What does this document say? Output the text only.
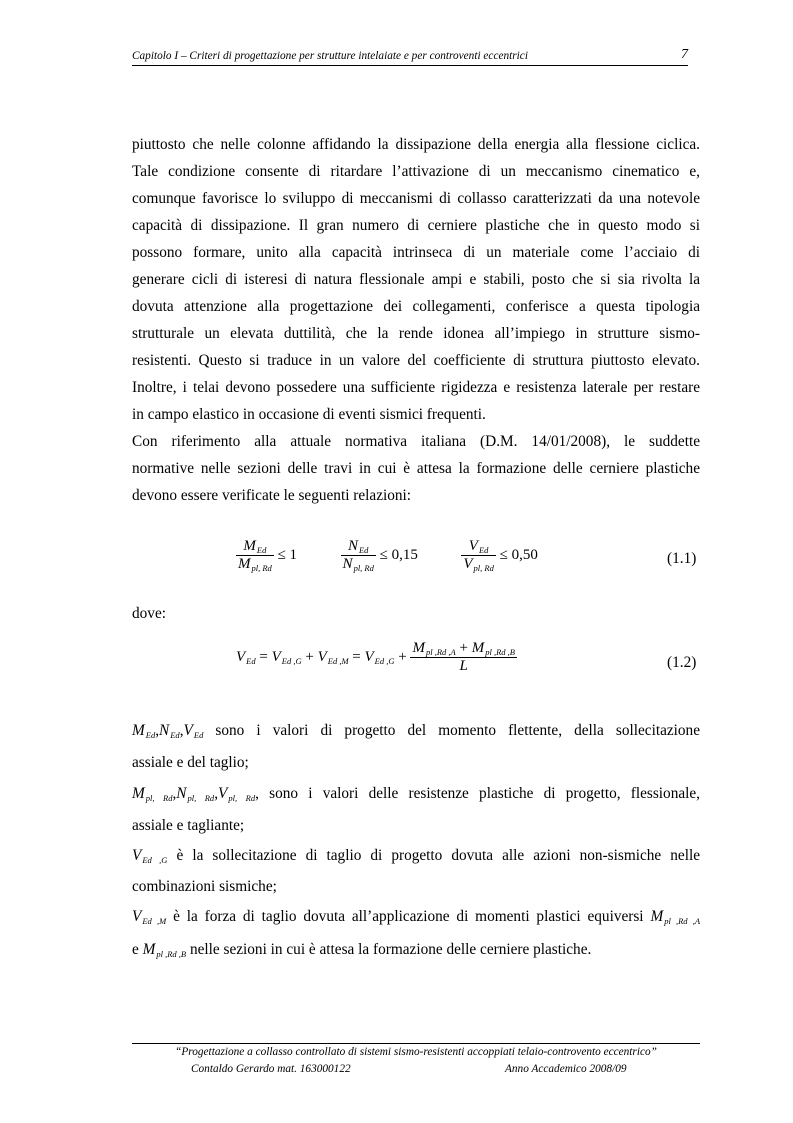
Capitolo I – Criteri di progettazione per strutture intelaiate e per controventi eccentrici	7
piuttosto che nelle colonne affidando la dissipazione della energia alla flessione ciclica.
Tale condizione consente di ritardare l’attivazione di un meccanismo cinematico e,
comunque favorisce lo sviluppo di meccanismi di collasso caratterizzati da una notevole
capacità di dissipazione. Il gran numero di cerniere plastiche che in questo modo si
possono formare, unito alla capacità intrinseca di un materiale come l’acciaio di
generare cicli di isteresi di natura flessionale ampi e stabili, posto che si sia rivolta la
dovuta attenzione alla progettazione dei collegamenti, conferisce a questa tipologia
strutturale un elevata duttilità, che la rende idonea all’impiego in strutture sismo-
resistenti. Questo si traduce in un valore del coefficiente di struttura piuttosto elevato.
Inoltre, i telai devono possedere una sufficiente rigidezza e resistenza laterale per restare
in campo elastico in occasione di eventi sismici frequenti.
Con riferimento alla attuale normativa italiana (D.M. 14/01/2008), le suddette
normative nelle sezioni delle travi in cui è attesa la formazione delle cerniere plastiche
devono essere verificate le seguenti relazioni:
$\frac{M_{Ed}}{M_{pl, Rd}} \le 1$	$\frac{N_{Ed}}{N_{pl, Rd}} \le 0,15$	$\frac{V_{Ed}}{V_{pl, Rd}} \le 0,50$	(1.1)
dove:
$V_{Ed} = V_{Ed ,G} + V_{Ed ,M} = V_{Ed ,G} + \frac{M_{pl ,Rd ,A} + M_{pl ,Rd ,B}}{L}$	(1.2)
$M_{Ed},N_{Ed},V_{Ed}$ sono i valori di progetto del momento flettente, della sollecitazione
assiale e del taglio;
$M_{pl, Rd},N_{pl, Rd},V_{pl, Rd}$, sono i valori delle resistenze plastiche di progetto, flessionale,
assiale e tagliante;
$V_{Ed ,G}$ è la sollecitazione di taglio di progetto dovuta alle azioni non-sismiche nelle
combinazioni sismiche;
$V_{Ed ,M}$ è la forza di taglio dovuta all’applicazione di momenti plastici equiversi $M_{pl ,Rd ,A}$
e $M_{pl ,Rd ,B}$ nelle sezioni in cui è attesa la formazione delle cerniere plastiche.
“Progettazione a collasso controllato di sistemi sismo-resistenti accoppiati telaio-controvento eccentrico”
Contaldo Gerardo mat. 163000122	Anno Accademico 2008/09
